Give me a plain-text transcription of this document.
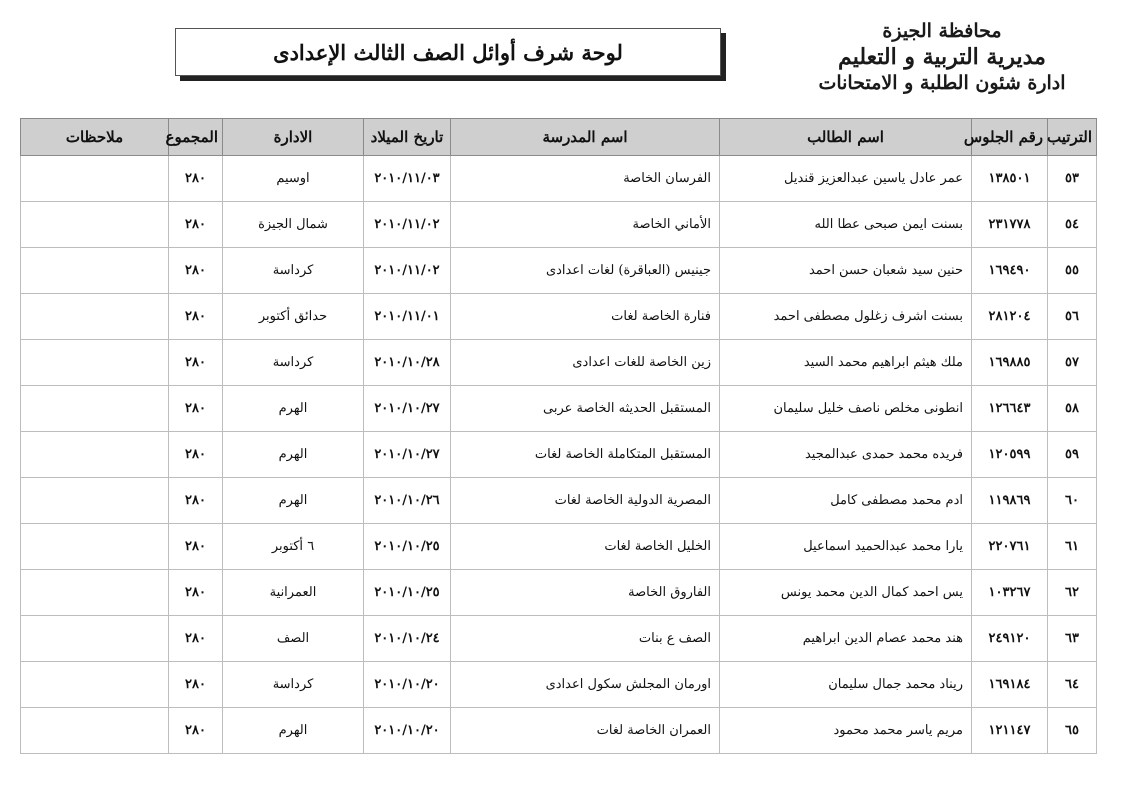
محافظة الجيزة
مديرية التربية و التعليم
ادارة شئون الطلبة و الامتحانات
لوحة شرف أوائل الصف الثالث الإعدادى
الترتيب	رقم الجلوس	اسم الطالب	اسم المدرسة	تاريخ الميلاد	الادارة	المجموع	ملاحظات
٥٣	١٣٨٥٠١	عمر عادل ياسين عبدالعزيز قنديل	الفرسان الخاصة	٢٠١٠/١١/٠٣	اوسيم	٢٨٠	
٥٤	٢٣١٧٧٨	بسنت ايمن صبحى عطا الله	الأماني الخاصة	٢٠١٠/١١/٠٢	شمال الجيزة	٢٨٠	
٥٥	١٦٩٤٩٠	حنين سيد شعبان حسن احمد	جينيس (العباقرة) لغات اعدادى	٢٠١٠/١١/٠٢	كرداسة	٢٨٠	
٥٦	٢٨١٢٠٤	بسنت اشرف زغلول مصطفى احمد	فنارة الخاصة لغات	٢٠١٠/١١/٠١	حدائق أكتوبر	٢٨٠	
٥٧	١٦٩٨٨٥	ملك هيثم ابراهيم محمد السيد	زين الخاصة للغات اعدادى	٢٠١٠/١٠/٢٨	كرداسة	٢٨٠	
٥٨	١٢٦٦٤٣	انطونى مخلص ناصف خليل سليمان	المستقبل الحديثه الخاصة عربى	٢٠١٠/١٠/٢٧	الهرم	٢٨٠	
٥٩	١٢٠٥٩٩	فريده محمد حمدى عبدالمجيد	المستقبل المتكاملة الخاصة لغات	٢٠١٠/١٠/٢٧	الهرم	٢٨٠	
٦٠	١١٩٨٦٩	ادم محمد مصطفى كامل	المصرية الدولية الخاصة لغات	٢٠١٠/١٠/٢٦	الهرم	٢٨٠	
٦١	٢٢٠٧٦١	يارا محمد عبدالحميد اسماعيل	الخليل الخاصة لغات	٢٠١٠/١٠/٢٥	٦ أكتوبر	٢٨٠	
٦٢	١٠٣٢٦٧	يس احمد كمال الدين محمد يونس	الفاروق الخاصة	٢٠١٠/١٠/٢٥	العمرانية	٢٨٠	
٦٣	٢٤٩١٢٠	هند محمد عصام الدين ابراهيم	الصف ع بنات	٢٠١٠/١٠/٢٤	الصف	٢٨٠	
٦٤	١٦٩١٨٤	ريناد محمد جمال سليمان	اورمان المجلش سكول اعدادى	٢٠١٠/١٠/٢٠	كرداسة	٢٨٠	
٦٥	١٢١١٤٧	مريم ياسر محمد محمود	العمران الخاصة لغات	٢٠١٠/١٠/٢٠	الهرم	٢٨٠	
